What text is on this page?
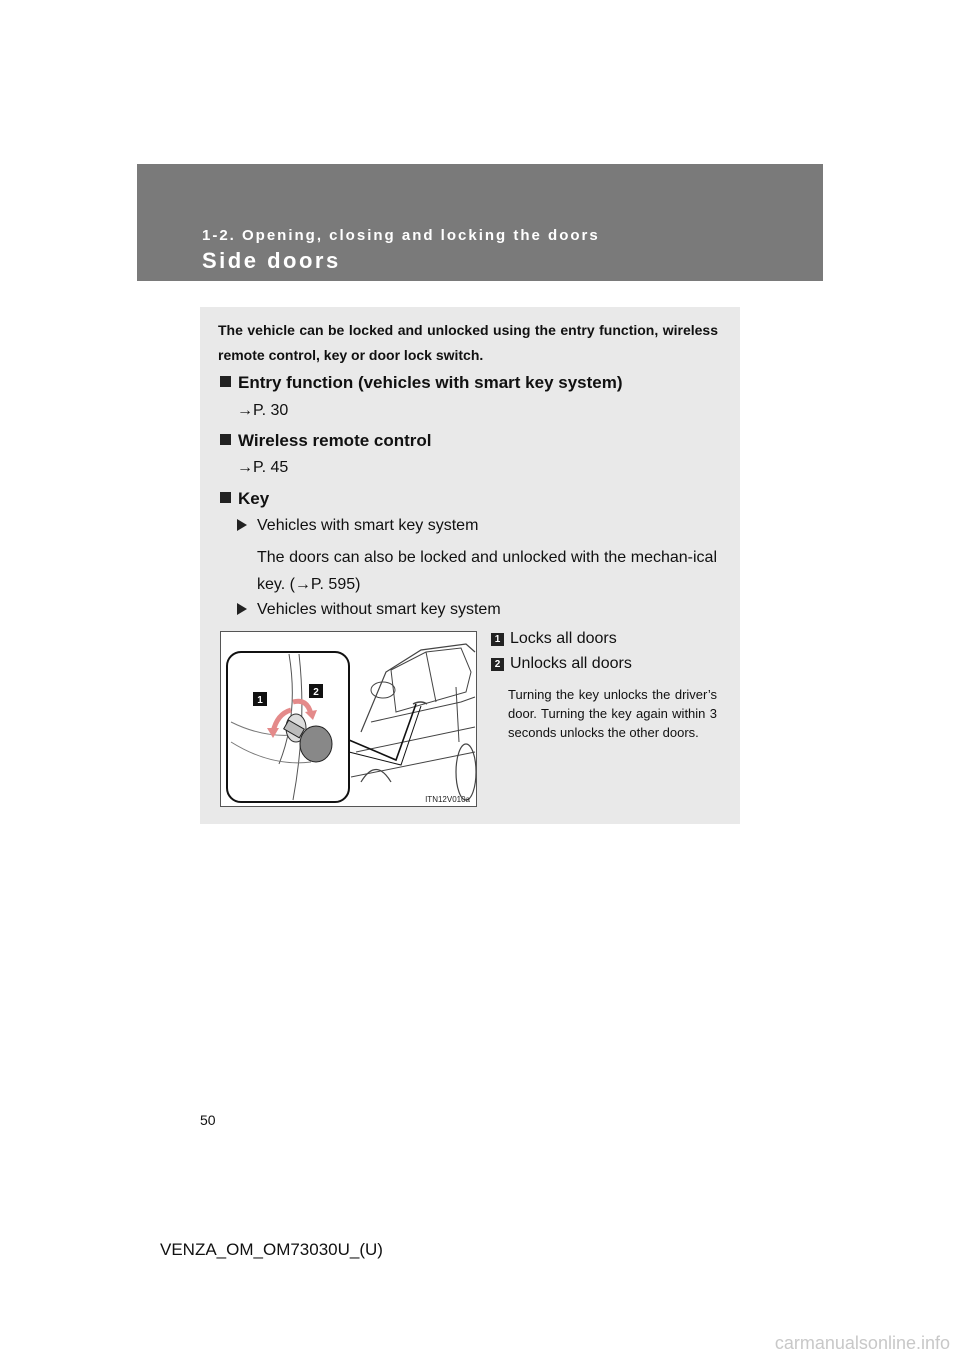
1-2. Opening, closing and locking the doors
Side doors
The vehicle can be locked and unlocked using the entry function, wireless remote control, key or door lock switch.
Entry function (vehicles with smart key system)
→P. 30
Wireless remote control
→P. 45
Key
Vehicles with smart key system
The doors can also be locked and unlocked with the mechan-ical key. (→P. 595)
Vehicles without smart key system
1
2
ITN12V010a
1 Locks all doors
2 Unlocks all doors
Turning the key unlocks the driver’s door. Turning the key again within 3 seconds unlocks the other doors.
50
VENZA_OM_OM73030U_(U)
carmanualsonline.info
